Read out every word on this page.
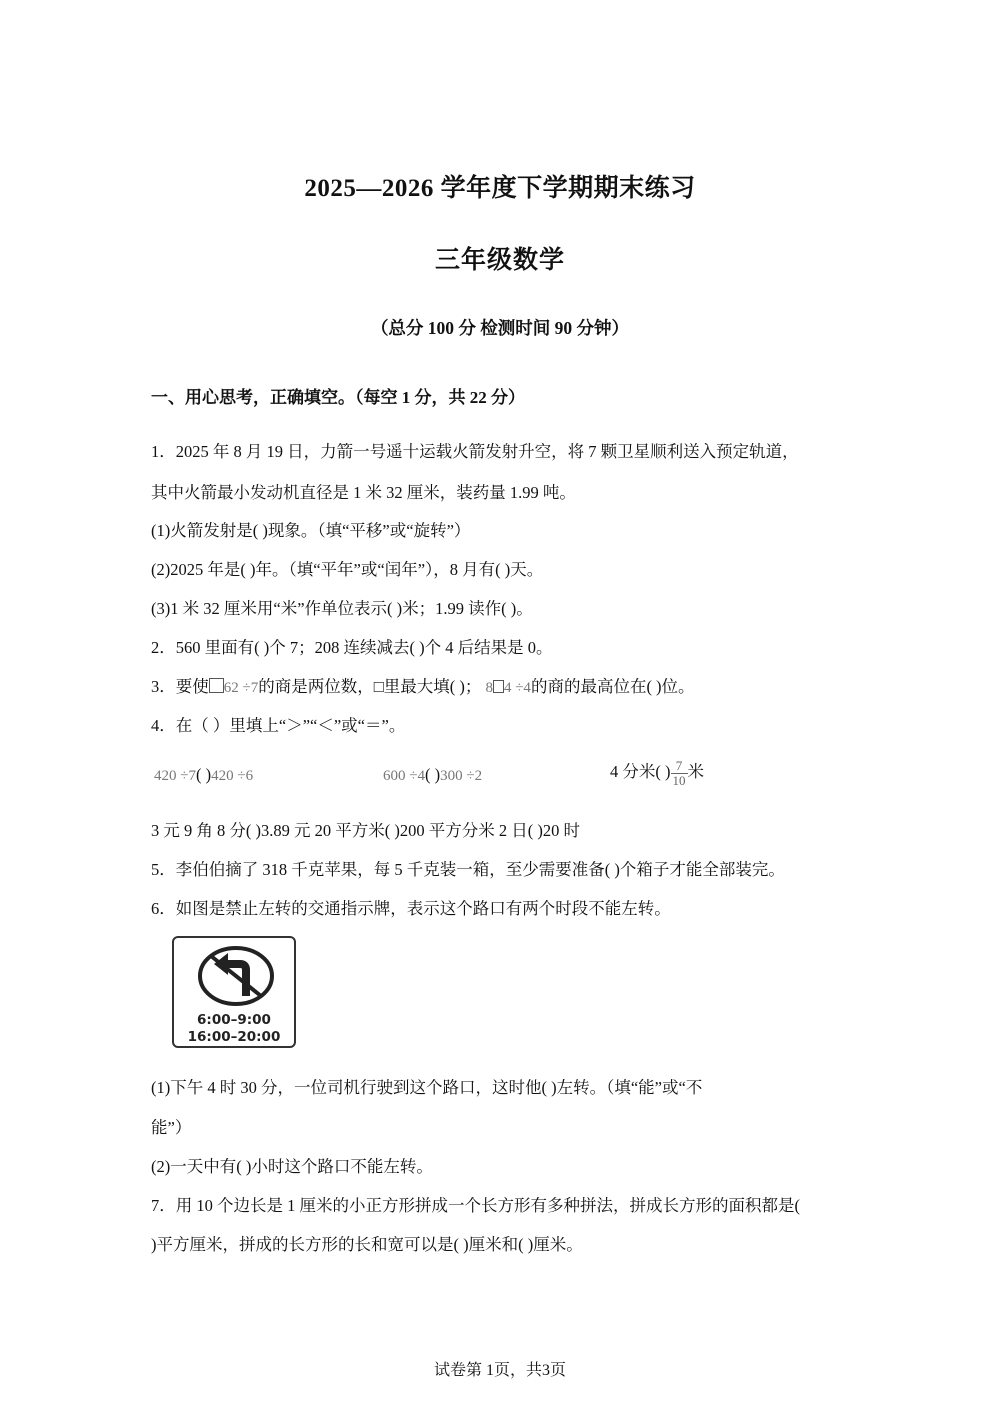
2025—2026 学年度下学期期末练习
三年级数学
（总分 100 分 检测时间 90 分钟）
一、用心思考，正确填空。（每空 1 分，共 22 分）
1．2025 年 8 月 19 日，力箭一号遥十运载火箭发射升空，将 7 颗卫星顺利送入预定轨道，
其中火箭最小发动机直径是 1 米 32 厘米，装药量 1.99 吨。
(1)火箭发射是( )现象。（填“平移”或“旋转”）
(2)2025 年是( )年。（填“平年”或“闰年”），8 月有( )天。
(3)1 米 32 厘米用“米”作单位表示( )米；1.99 读作( )。
2．560 里面有( )个 7；208 连续减去( )个 4 后结果是 0。
3．要使 62 ÷7的商是两位数，□里最大填( )； 8 4 ÷4的商的最高位在( )位。
4．在（ ）里填上“＞”“＜”或“＝”。
420 ÷7( )420 ÷6	600 ÷4( )300 ÷2	4 分米( ) $\frac{7}{10}$ 米
3 元 9 角 8 分( )3.89 元 20 平方米( )200 平方分米 2 日( )20 时
5．李伯伯摘了 318 千克苹果，每 5 千克装一箱，至少需要准备( )个箱子才能全部装完。
6．如图是禁止左转的交通指示牌，表示这个路口有两个时段不能左转。
6:00–9:00
16:00–20:00
(1)下午 4 时 30 分，一位司机行驶到这个路口，这时他( )左转。（填“能”或“不
能”）
(2)一天中有( )小时这个路口不能左转。
7．用 10 个边长是 1 厘米的小正方形拼成一个长方形有多种拼法，拼成长方形的面积都是(
)平方厘米，拼成的长方形的长和宽可以是( )厘米和( )厘米。
试卷第 1页，共3页
